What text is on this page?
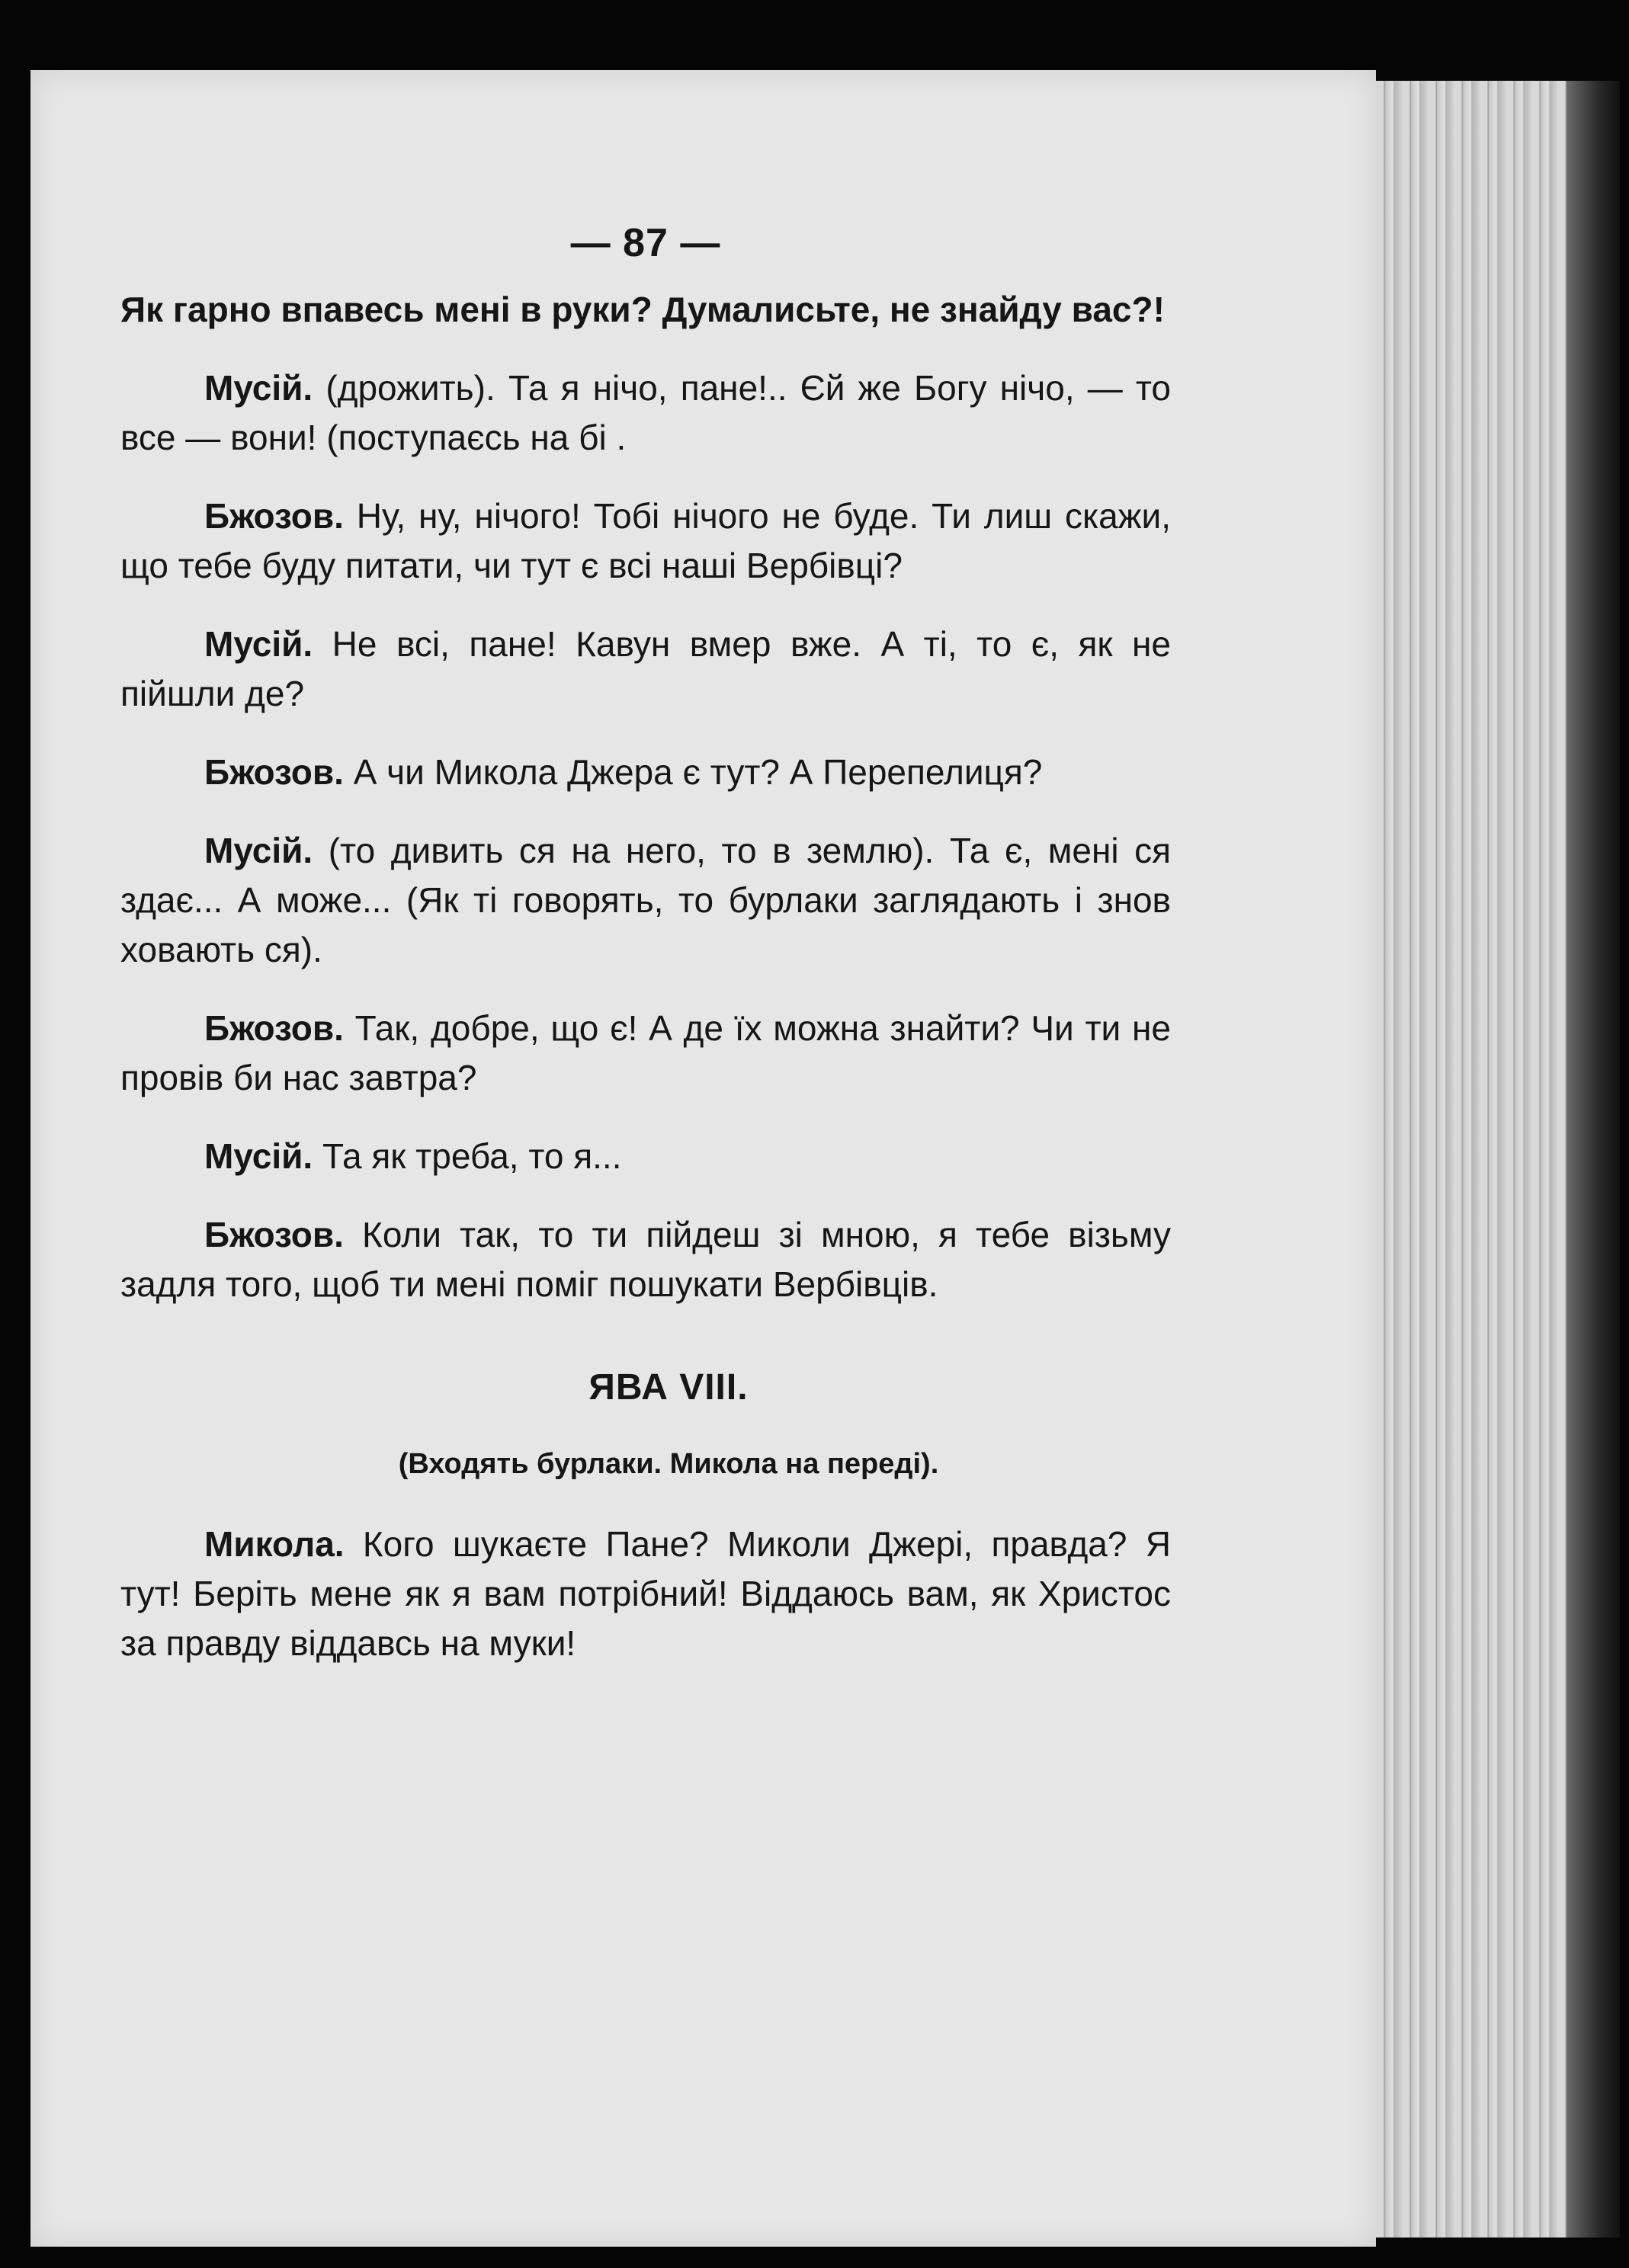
— 87 —

Як гарно впавесь мені в руки? Думалисьте, не знайду вас?!

Мусій. (дрожить). Та я нічо, пане!.. Єй же Богу нічо, — то все — вони! (поступаєсь на бі .

Бжозов. Ну, ну, нічого! Тобі нічого не буде. Ти лиш скажи, що тебе буду питати, чи тут є всі наші Вербівці?

Мусій. Не всі, пане! Кавун вмер вже. А ті, то є, як не пійшли де?

Бжозов. А чи Микола Джера є тут? А Перепелиця?

Мусій. (то дивить ся на него, то в землю). Та є, мені ся здає... А може... (Як ті говорять, то бурлаки заглядають і знов ховають ся).

Бжозов. Так, добре, що є! А де їх можна знайти? Чи ти не провів би нас завтра?

Мусій. Та як треба, то я...

Бжозов. Коли так, то ти пійдеш зі мною, я тебе візьму задля того, щоб ти мені поміг пошукати Вербівців.

ЯВА VIII.
(Входять бурлаки. Микола на переді).

Микола. Кого шукаєте Пане? Миколи Джері, правда? Я тут! Беріть мене як я вам потрібний! Віддаюсь вам, як Христос за правду віддавсь на муки!
